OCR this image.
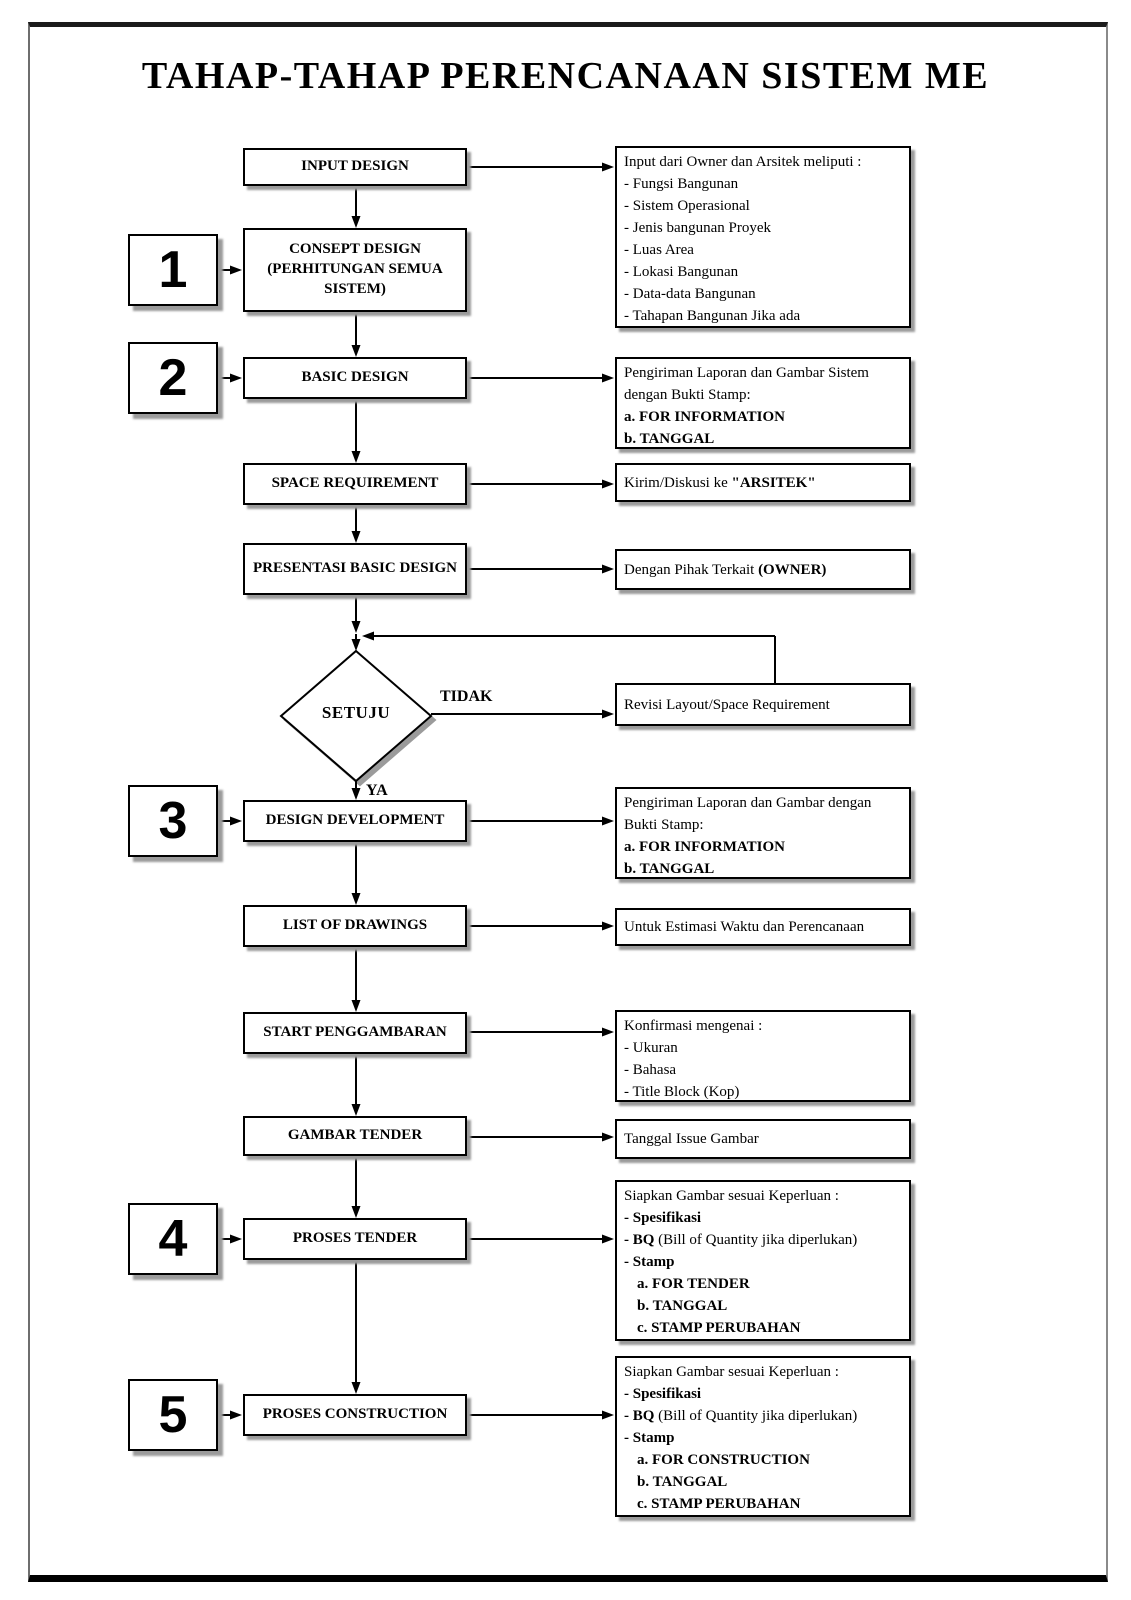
TAHAP-TAHAP PERENCANAAN SISTEM ME
1
2
3
4
5
INPUT DESIGN
CONSEPT DESIGN (PERHITUNGAN SEMUA SISTEM)
BASIC DESIGN
SPACE REQUIREMENT
PRESENTASI BASIC DESIGN
DESIGN DEVELOPMENT
LIST OF DRAWINGS
START PENGGAMBARAN
GAMBAR TENDER
PROSES TENDER
PROSES CONSTRUCTION
SETUJU
TIDAK
YA
Input dari Owner dan Arsitek meliputi :
- Fungsi Bangunan
- Sistem Operasional
- Jenis bangunan Proyek
- Luas Area
- Lokasi Bangunan
- Data-data Bangunan
- Tahapan Bangunan Jika ada
Pengiriman Laporan dan Gambar Sistem
dengan Bukti Stamp:
a. FOR INFORMATION
b. TANGGAL
Kirim/Diskusi ke "ARSITEK"
Dengan Pihak Terkait (OWNER)
Revisi Layout/Space Requirement
Pengiriman Laporan dan Gambar dengan
Bukti Stamp:
a. FOR INFORMATION
b. TANGGAL
Untuk Estimasi Waktu dan Perencanaan
Konfirmasi mengenai :
- Ukuran
- Bahasa
- Title Block (Kop)
Tanggal Issue Gambar
Siapkan Gambar sesuai Keperluan :
- Spesifikasi
- BQ (Bill of Quantity jika diperlukan)
- Stamp
a. FOR TENDER
b. TANGGAL
c. STAMP PERUBAHAN
Siapkan Gambar sesuai Keperluan :
- Spesifikasi
- BQ (Bill of Quantity jika diperlukan)
- Stamp
a. FOR CONSTRUCTION
b. TANGGAL
c. STAMP PERUBAHAN
